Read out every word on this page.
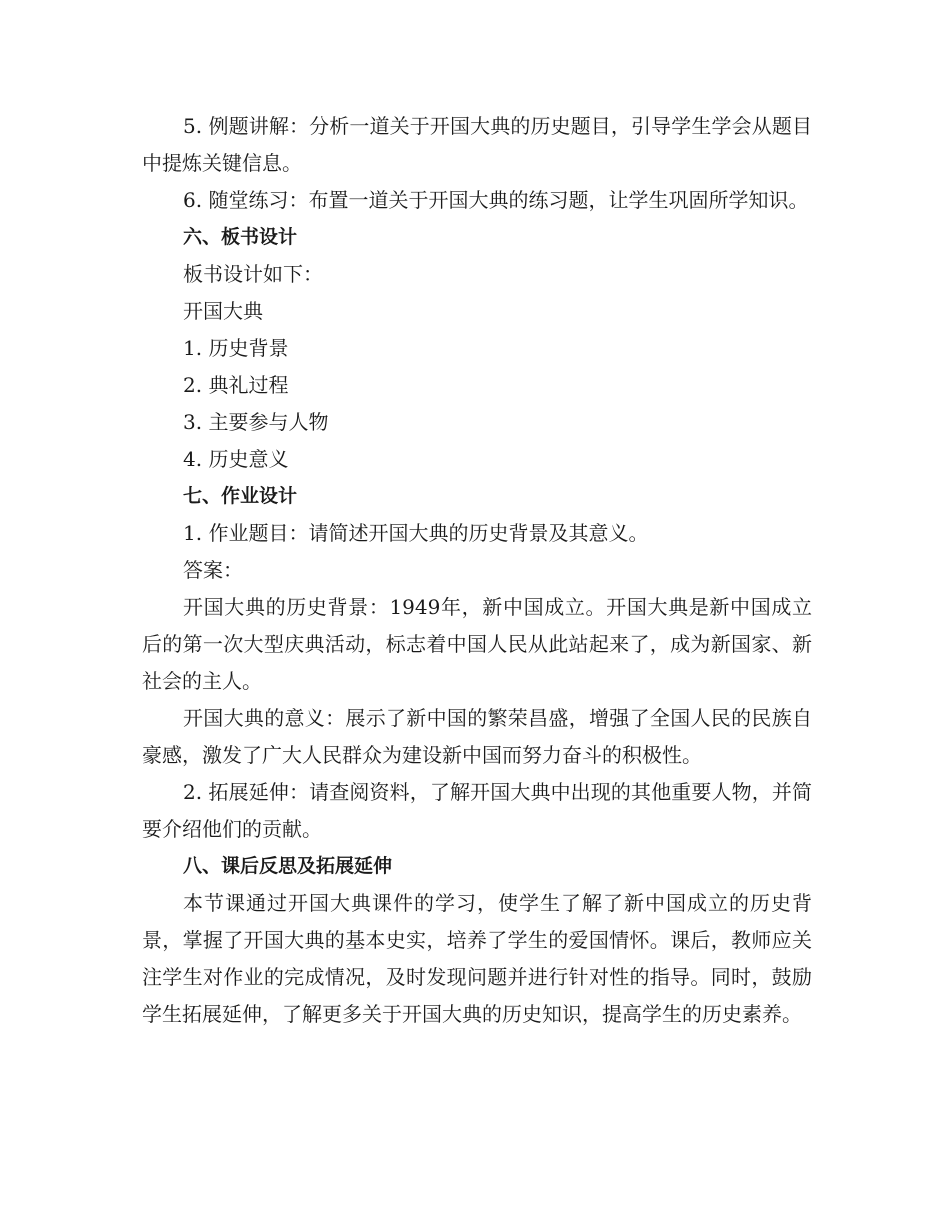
5. 例题讲解：分析一道关于开国大典的历史题目，引导学生学会从题目中提炼关键信息。

6. 随堂练习：布置一道关于开国大典的练习题，让学生巩固所学知识。

六、板书设计

板书设计如下：

开国大典

1. 历史背景

2. 典礼过程

3. 主要参与人物

4. 历史意义

七、作业设计

1. 作业题目：请简述开国大典的历史背景及其意义。

答案：

开国大典的历史背景：1949年，新中国成立。开国大典是新中国成立后的第一次大型庆典活动，标志着中国人民从此站起来了，成为新国家、新社会的主人。

开国大典的意义：展示了新中国的繁荣昌盛，增强了全国人民的民族自豪感，激发了广大人民群众为建设新中国而努力奋斗的积极性。

2. 拓展延伸：请查阅资料，了解开国大典中出现的其他重要人物，并简要介绍他们的贡献。

八、课后反思及拓展延伸

本节课通过开国大典课件的学习，使学生了解了新中国成立的历史背景，掌握了开国大典的基本史实，培养了学生的爱国情怀。课后，教师应关注学生对作业的完成情况，及时发现问题并进行针对性的指导。同时，鼓励学生拓展延伸，了解更多关于开国大典的历史知识，提高学生的历史素养。
